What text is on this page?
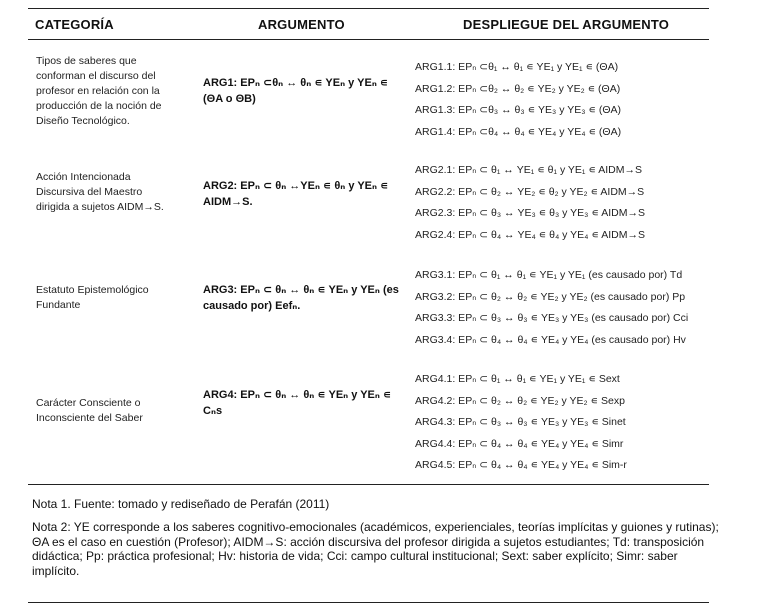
CATEGORÍA	ARGUMENTO	DESPLIEGUE DEL ARGUMENTO
Tipos de saberes que conforman el discurso del profesor en relación con la producción de la noción de Diseño Tecnológico.
ARG1: EPₙ ⊂θₙ ↔ θₙ ∊ YEₙ y YEₙ ∊ (ΘA o ΘB)
ARG1.1: EPₙ ⊂θ₁ ↔ θ₁ ∊ YE₁ y YE₁ ∊ (ΘA)
ARG1.2: EPₙ ⊂θ₂ ↔ θ₂ ∊ YE₂ y YE₂ ∊ (ΘA)
ARG1.3: EPₙ ⊂θ₃ ↔ θ₃ ∊ YE₃ y YE₃ ∊ (ΘA)
ARG1.4: EPₙ ⊂θ₄ ↔ θ₄ ∊ YE₄ y YE₄ ∊ (ΘA)
Acción Intencionada Discursiva del Maestro dirigida a sujetos AIDM→S.
ARG2: EPₙ ⊂ θₙ ↔YEₙ ∊ θₙ y YEₙ ∊ AIDM→S.
ARG2.1: EPₙ ⊂ θ₁ ↔ YE₁ ∊ θ₁ y YE₁ ∊ AIDM→S
ARG2.2: EPₙ ⊂ θ₂ ↔ YE₂ ∊ θ₂ y YE₂ ∊ AIDM→S
ARG2.3: EPₙ ⊂ θ₃ ↔ YE₃ ∊ θ₃ y YE₃ ∊ AIDM→S
ARG2.4: EPₙ ⊂ θ₄ ↔ YE₄ ∊ θ₄ y YE₄ ∊ AIDM→S
Estatuto Epistemológico Fundante
ARG3: EPₙ ⊂ θₙ ↔ θₙ ∊ YEₙ y YEₙ (es causado por) Eefₙ.
ARG3.1: EPₙ ⊂ θ₁ ↔ θ₁ ∊ YE₁ y YE₁ (es causado por) Td
ARG3.2: EPₙ ⊂ θ₂ ↔ θ₂ ∊ YE₂ y YE₂ (es causado por) Pp
ARG3.3: EPₙ ⊂ θ₃ ↔ θ₃ ∊ YE₃ y YE₃ (es causado por) Cci
ARG3.4: EPₙ ⊂ θ₄ ↔ θ₄ ∊ YE₄ y YE₄ (es causado por) Hv
Carácter Consciente o Inconsciente del Saber
ARG4: EPₙ ⊂ θₙ ↔ θₙ ∊ YEₙ y YEₙ ∊ Cₙs
ARG4.1: EPₙ ⊂ θ₁ ↔ θ₁ ∊ YE₁ y YE₁ ∊ Sext
ARG4.2: EPₙ ⊂ θ₂ ↔ θ₂ ∊ YE₂ y YE₂ ∊ Sexp
ARG4.3: EPₙ ⊂ θ₃ ↔ θ₃ ∊ YE₃ y YE₃ ∊ Sinet
ARG4.4: EPₙ ⊂ θ₄ ↔ θ₄ ∊ YE₄ y YE₄ ∊ Simr
ARG4.5: EPₙ ⊂ θ₄ ↔ θ₄ ∊ YE₄ y YE₄ ∊ Sim-r
Nota 1. Fuente: tomado y rediseñado de Perafán (2011)
Nota 2: YE corresponde a los saberes cognitivo-emocionales (académicos, experienciales, teorías implícitas y guiones y rutinas); ΘA es el caso en cuestión (Profesor); AIDM→S: acción discursiva del profesor dirigida a sujetos estudiantes; Td: transposición didáctica; Pp: práctica profesional; Hv: historia de vida; Cci: campo cultural institucional; Sext: saber explícito; Simr: saber implícito.
